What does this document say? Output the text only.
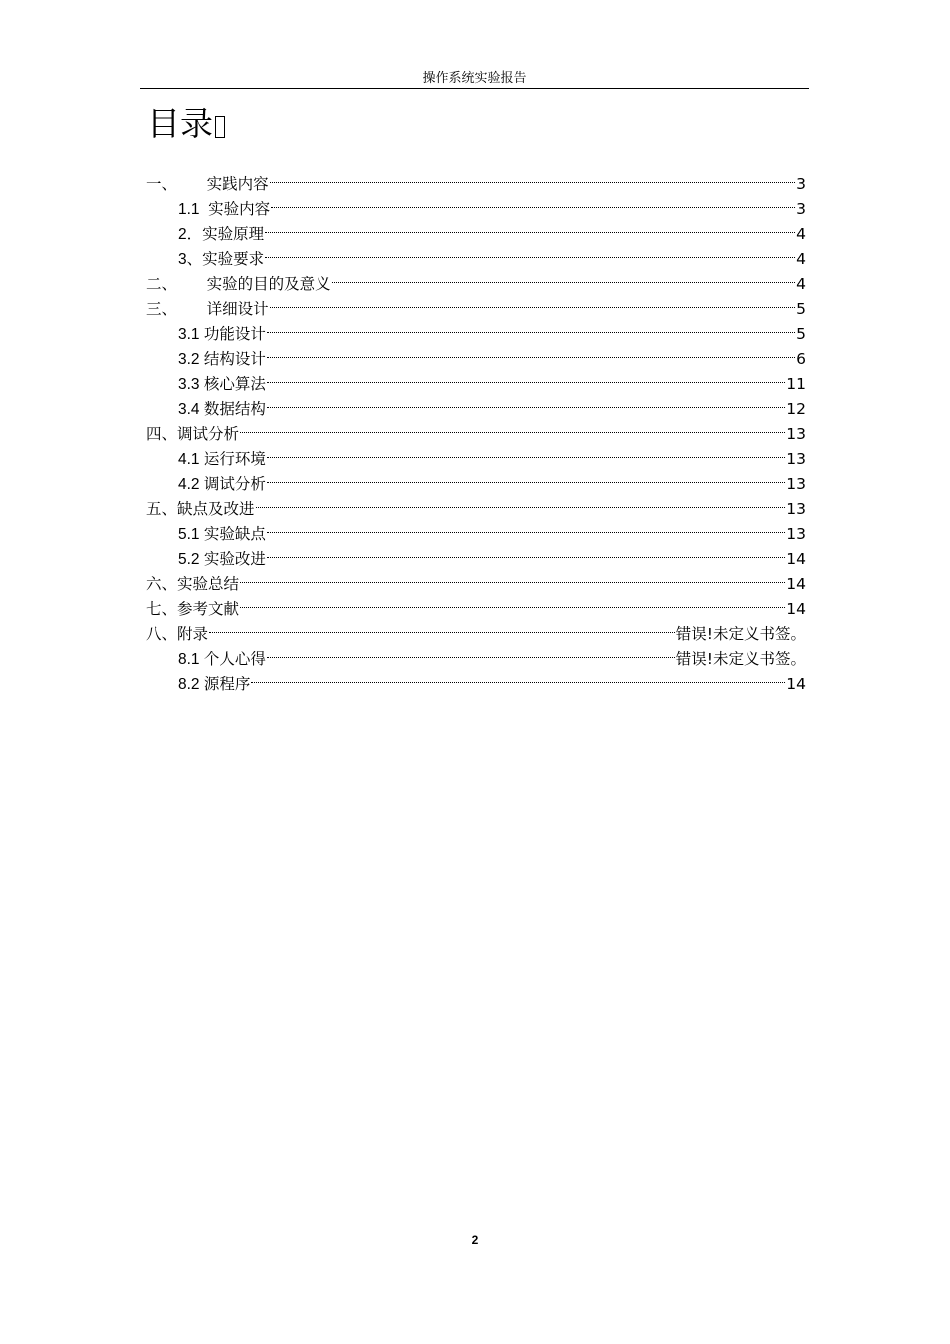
操作系统实验报告
目录
一、 实践内容	3
1.1 实验内容	3
2． 实验原理	4
3、 实验要求	4
二、 实验的目的及意义	4
三、 详细设计	5
3.1 功能设计	5
3.2 结构设计	6
3.3 核心算法	11
3.4 数据结构	12
四、 调试分析	13
4.1 运行环境	13
4.2 调试分析	13
五、 缺点及改进	13
5.1 实验缺点	13
5.2 实验改进	14
六、 实验总结	14
七、 参考文献	14
八、 附录	错误!未定义书签。
8.1 个人心得	错误!未定义书签。
8.2 源程序	14
2
